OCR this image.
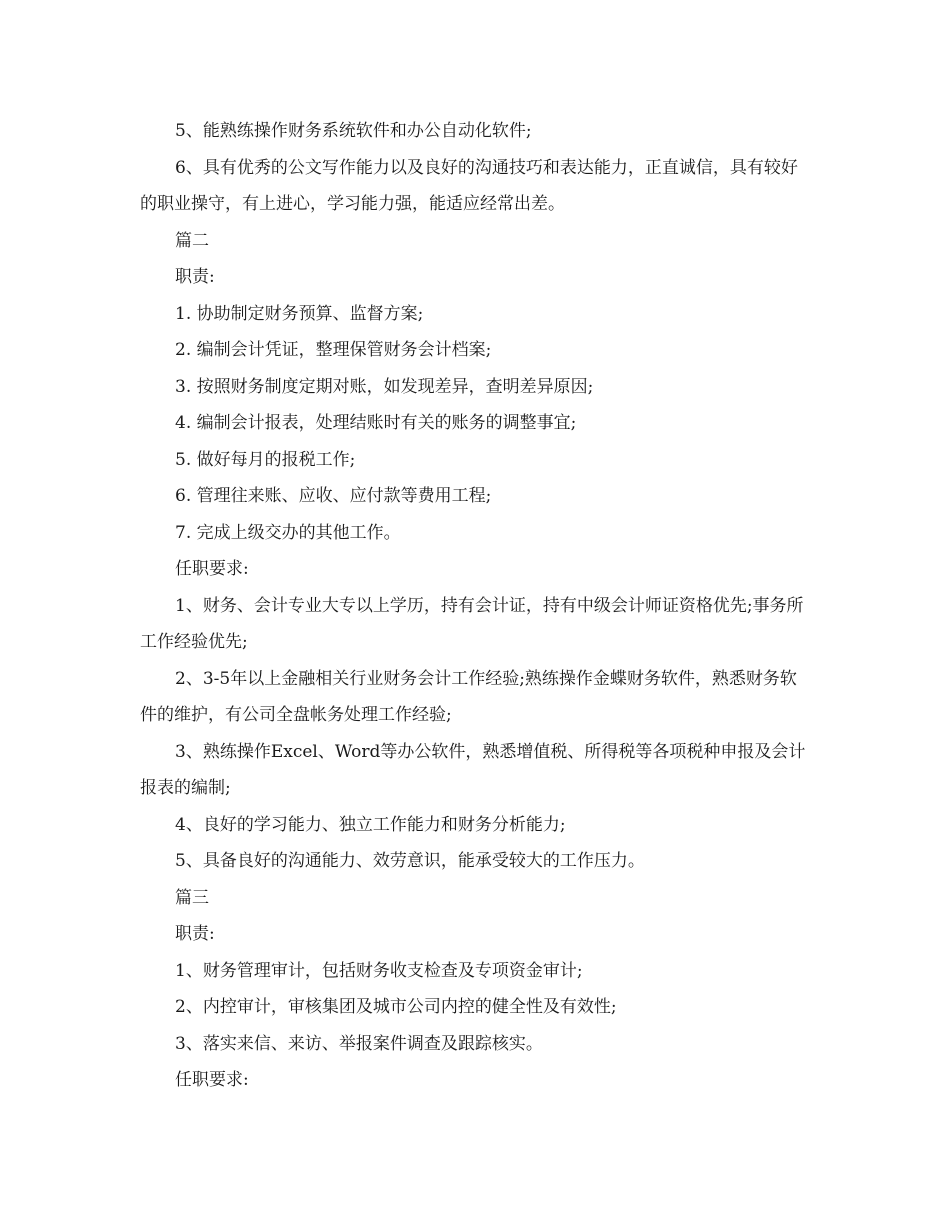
5、能熟练操作财务系统软件和办公自动化软件;

6、具有优秀的公文写作能力以及良好的沟通技巧和表达能力，正直诚信，具有较好的职业操守，有上进心，学习能力强，能适应经常出差。

篇二

职责:

1. 协助制定财务预算、监督方案;

2. 编制会计凭证，整理保管财务会计档案;

3. 按照财务制度定期对账，如发现差异，查明差异原因;

4. 编制会计报表，处理结账时有关的账务的调整事宜;

5. 做好每月的报税工作;

6. 管理往来账、应收、应付款等费用工程;

7. 完成上级交办的其他工作。

任职要求:

1、财务、会计专业大专以上学历，持有会计证，持有中级会计师证资格优先;事务所工作经验优先;

2、3-5年以上金融相关行业财务会计工作经验;熟练操作金蝶财务软件，熟悉财务软件的维护，有公司全盘帐务处理工作经验;

3、熟练操作Excel、Word等办公软件，熟悉增值税、所得税等各项税种申报及会计报表的编制;

4、良好的学习能力、独立工作能力和财务分析能力;

5、具备良好的沟通能力、效劳意识，能承受较大的工作压力。

篇三

职责:

1、财务管理审计，包括财务收支检查及专项资金审计;

2、内控审计，审核集团及城市公司内控的健全性及有效性;

3、落实来信、来访、举报案件调查及跟踪核实。

任职要求:
